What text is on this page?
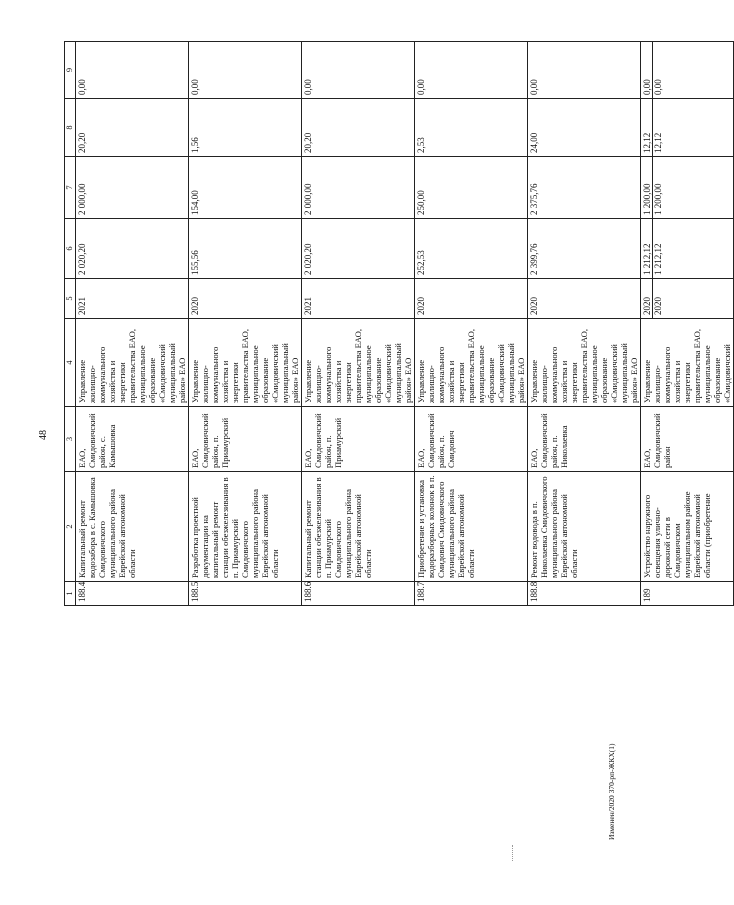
48
1	2	3	4	5	6	7	8	9
188.4	Капитальный ремонт водозабора в с. Камышовка Смидовичского муниципального района Еврейской автономной области	ЕАО, Смидовичский район, с. Камышовка	Управление жилищно-коммунального хозяйства и энергетики правительства ЕАО, муниципальное образование «Смидовичский муниципальный район» ЕАО	2021	2 020,20	2 000,00	20,20	0,00
188.5	Разработка проектной документации на капитальный ремонт станции обезжелезивания в п. Приамурский Смидовичского муниципального района Еврейской автономной области	ЕАО, Смидовичский район, п. Приамурский	Управление жилищно-коммунального хозяйства и энергетики правительства ЕАО, муниципальное образование «Смидовичский муниципальный район» ЕАО	2020	155,56	154,00	1,56	0,00
188.6	Капитальный ремонт станции обезжелезивания в п. Приамурский Смидовичского муниципального района Еврейской автономной области	ЕАО, Смидовичский район, п. Приамурский	Управление жилищно-коммунального хозяйства и энергетики правительства ЕАО, муниципальное образование «Смидовичский муниципальный район» ЕАО	2021	2 020,20	2 000,00	20,20	0,00
188.7	Приобретение и установка водоразборных колонок в п. Смидович Смидовичского муниципального района Еврейской автономной области	ЕАО, Смидовичский район, п. Смидович	Управление жилищно-коммунального хозяйства и энергетики правительства ЕАО, муниципальное образование «Смидовичский муниципальный район» ЕАО	2020	252,53	250,00	2,53	0,00
188.8	Ремонт водовода в п. Николаевка Смидовичского муниципального района Еврейской автономной области	ЕАО, Смидовичский район, п. Николаевка	Управление жилищно-коммунального хозяйства и энергетики правительства ЕАО, муниципальное образование «Смидовичский муниципальный район» ЕАО	2020	2 399,76	2 375,76	24,00	0,00
189	Устройство наружного освещения улично-дорожной сети в Смидовичском муниципальном районе Еврейской автономной области (приобретение	ЕАО, Смидовичский район	Управление жилищно-коммунального хозяйства и энергетики правительства ЕАО, муниципальное образование «Смидовичский	2020 2020	1 212,12 1 212,12	1 200,00 1 200,00	12,12 12,12	0,00 0,00
Изменен/2020 370-рп-ЖКХ(1)
